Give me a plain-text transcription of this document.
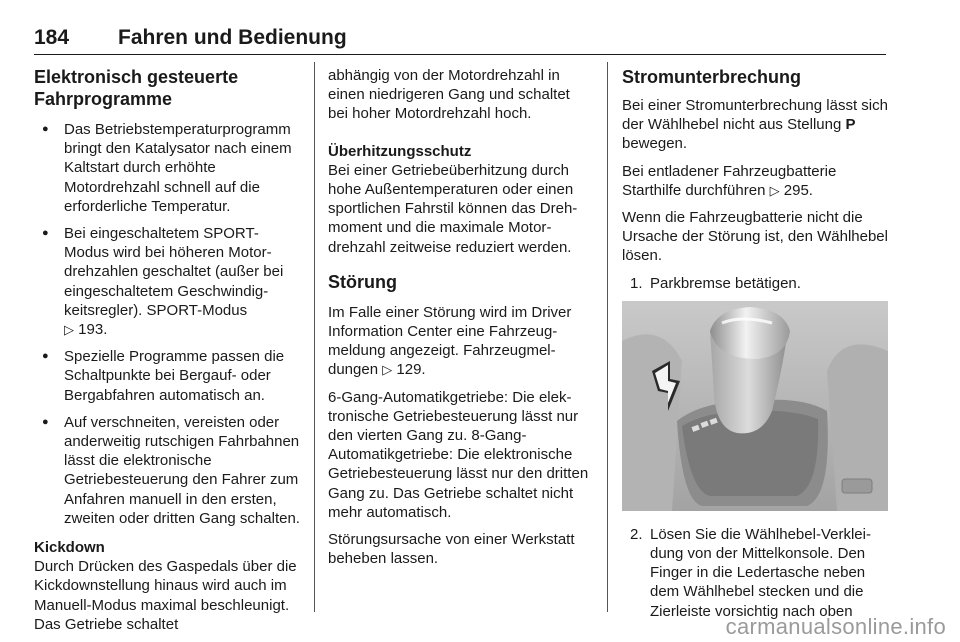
184 Fahren und Bedienung
Elektronisch gesteuerte Fahrprogramme
● Das Betriebstemperaturprogramm bringt den Katalysator nach einem Kaltstart durch erhöhte Motordrehzahl schnell auf die erforderliche Temperatur.
● Bei eingeschaltetem SPORT-Modus wird bei höheren Motordrehzahlen geschaltet (außer bei eingeschaltetem Geschwindigkeitsregler). SPORT-Modus
▷ 193.
● Spezielle Programme passen die Schaltpunkte bei Bergauf- oder Bergabfahren automatisch an.
● Auf verschneiten, vereisten oder anderweitig rutschigen Fahrbahnen lässt die elektronische Getriebesteuerung den Fahrer zum Anfahren manuell in den ersten, zweiten oder dritten Gang schalten.
Kickdown

Durch Drücken des Gaspedals über die Kickdownstellung hinaus wird auch im Manuell-Modus maximal beschleunigt. Das Getriebe schaltet

abhängig von der Motordrehzahl in einen niedrigeren Gang und schaltet bei hoher Motordrehzahl hoch.

Überhitzungsschutz

Bei einer Getriebeüberhitzung durch hohe Außentemperaturen oder einen sportlichen Fahrstil können das Drehmoment und die maximale Motordrehzahl zeitweise reduziert werden.

Störung

Im Falle einer Störung wird im Driver Information Center eine Fahrzeugmeldung angezeigt. Fahrzeugmeldungen ▷ 129.

6-Gang-Automatikgetriebe: Die elektronische Getriebesteuerung lässt nur den vierten Gang zu. 8-Gang-Automatikgetriebe: Die elektronische Getriebesteuerung lässt nur den dritten Gang zu. Das Getriebe schaltet nicht mehr automatisch.

Störungsursache von einer Werkstatt beheben lassen.

Stromunterbrechung

Bei einer Stromunterbrechung lässt sich der Wählhebel nicht aus Stellung P bewegen.

Bei entladener Fahrzeugbatterie Starthilfe durchführen ▷ 295.

Wenn die Fahrzeugbatterie nicht die Ursache der Störung ist, den Wählhebel lösen.

1. Parkbremse betätigen.
2. Lösen Sie die Wählhebel-Verkleidung von der Mittelkonsole. Den Finger in die Ledertasche neben dem Wählhebel stecken und die Zierleiste vorsichtig nach oben
carmanualsonline.info
